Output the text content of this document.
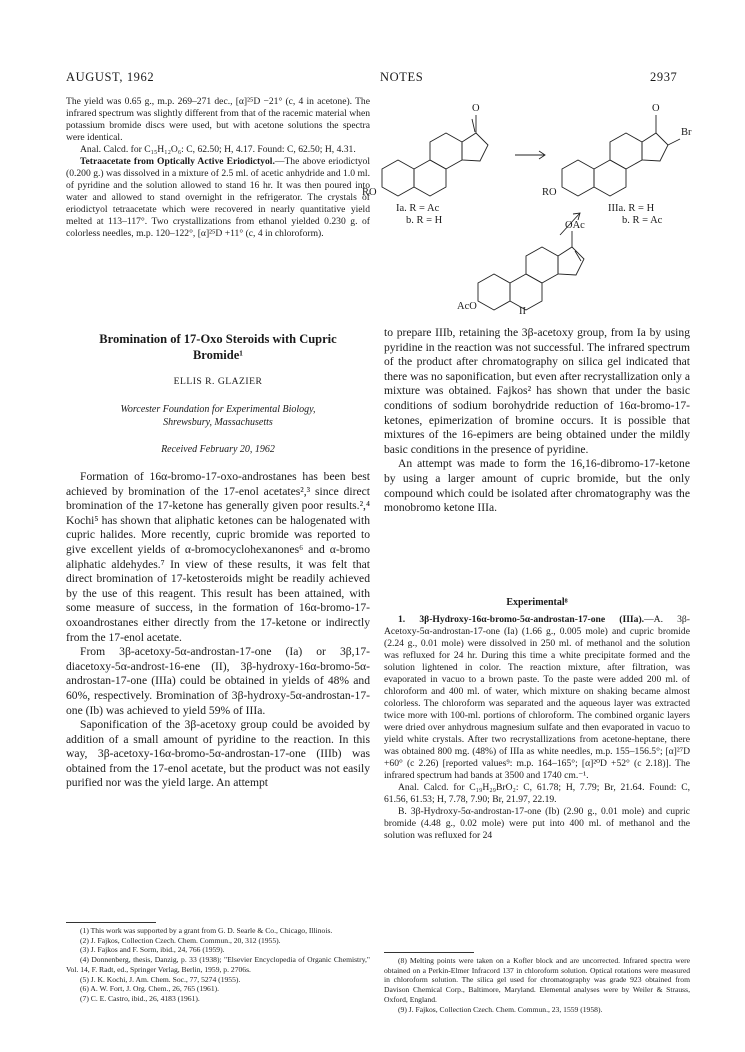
AUGUST, 1962	NOTES	2937

The yield was 0.65 g., m.p. 269–271 dec., [α]²⁵D −21° (c, 4 in acetone). The infrared spectrum was slightly different from that of the racemic material when potassium bromide discs were used, but with acetone solutions the spectra were identical.

Anal. Calcd. for C₁₅H₁₂O₆: C, 62.50; H, 4.17. Found: C, 62.50; H, 4.31.

Tetraacetate from Optically Active Eriodictyol.—The above eriodictyol (0.200 g.) was dissolved in a mixture of 2.5 ml. of acetic anhydride and 1.0 ml. of pyridine and the solution allowed to stand 16 hr. It was then poured into water and allowed to stand overnight in the refrigerator. The crystals of eriodictyol tetraacetate which were recovered in nearly quantitative yield melted at 113–117°. Two crystallizations from ethanol yielded 0.230 g. of colorless needles, m.p. 120–122°, [α]²⁵D +11° (c, 4 in chloroform).

O	O
Br
RO	RO
Ia. R = Ac
b. R = H
IIIa. R = H
b. R = Ac
OAc
AcO	II
Bromination of 17-Oxo Steroids with Cupric
Bromide¹
ELLIS R. GLAZIER
Worcester Foundation for Experimental Biology,
Shrewsbury, Massachusetts
Received February 20, 1962

Formation of 16α-bromo-17-oxo-androstanes has been best achieved by bromination of the 17-enol acetates²,³ since direct bromination of the 17-ketone has generally given poor results.²,⁴ Kochi⁵ has shown that aliphatic ketones can be halogenated with cupric halides. More recently, cupric bromide was reported to give excellent yields of α-bromocyclohexanones⁶ and α-bromo aliphatic aldehydes.⁷ In view of these results, it was felt that direct bromination of 17-ketosteroids might be readily achieved by the use of this reagent. This result has been attained, with some measure of success, in the formation of 16α-bromo-17-oxoandrostanes either directly from the 17-ketone or indirectly from the 17-enol acetate.

From 3β-acetoxy-5α-androstan-17-one (Ia) or 3β,17-diacetoxy-5α-androst-16-ene (II), 3β-hydroxy-16α-bromo-5α-androstan-17-one (IIIa) could be obtained in yields of 48% and 60%, respectively. Bromination of 3β-hydroxy-5α-androstan-17-one (Ib) was achieved to yield 59% of IIIa.

Saponification of the 3β-acetoxy group could be avoided by addition of a small amount of pyridine to the reaction. In this way, 3β-acetoxy-16α-bromo-5α-androstan-17-one (IIIb) was obtained from the 17-enol acetate, but the product was not easily purified nor was the yield large. An attempt

(1) This work was supported by a grant from G. D. Searle & Co., Chicago, Illinois.

(2) J. Fajkos, Collection Czech. Chem. Commun., 20, 312 (1955).

(3) J. Fajkos and F. Sorm, ibid., 24, 766 (1959).

(4) Donnenberg, thesis, Danzig, p. 33 (1938); "Elsevier Encyclopedia of Organic Chemistry," Vol. 14, F. Radt, ed., Springer Verlag, Berlin, 1959, p. 2706s.

(5) J. K. Kochi, J. Am. Chem. Soc., 77, 5274 (1955).

(6) A. W. Fort, J. Org. Chem., 26, 765 (1961).

(7) C. E. Castro, ibid., 26, 4183 (1961).

to prepare IIIb, retaining the 3β-acetoxy group, from Ia by using pyridine in the reaction was not successful. The infrared spectrum of the product after chromatography on silica gel indicated that there was no saponification, but even after recrystallization only a mixture was obtained. Fajkos² has shown that under the basic conditions of sodium borohydride reduction of 16α-bromo-17-ketones, epimerization of bromine occurs. It is possible that mixtures of the 16-epimers are being obtained under the mildly basic conditions in the presence of pyridine.

An attempt was made to form the 16,16-dibromo-17-ketone by using a larger amount of cupric bromide, but the only compound which could be isolated after chromatography was the monobromo ketone IIIa.

Experimental⁸

1. 3β-Hydroxy-16α-bromo-5α-androstan-17-one (IIIa).—A. 3β-Acetoxy-5α-androstan-17-one (Ia) (1.66 g., 0.005 mole) and cupric bromide (2.24 g., 0.01 mole) were dissolved in 250 ml. of methanol and the solution was refluxed for 24 hr. During this time a white precipitate formed and the solution lightened in color. The reaction mixture, after filtration, was evaporated in vacuo to a brown paste. To the paste were added 200 ml. of chloroform and 400 ml. of water, which mixture on shaking became almost colorless. The chloroform was separated and the aqueous layer was extracted twice more with 100-ml. portions of chloroform. The combined organic layers were dried over anhydrous magnesium sulfate and then evaporated in vacuo to yield white crystals. After two recrystallizations from acetone-heptane, there was obtained 800 mg. (48%) of IIIa as white needles, m.p. 155–156.5°; [α]²⁷D +60° (c 2.26) [reported values⁹: m.p. 164–165°; [α]²⁰D +52° (c 2.18)]. The infrared spectrum had bands at 3500 and 1740 cm.⁻¹.

Anal. Calcd. for C₁₉H₂₉BrO₂: C, 61.78; H, 7.79; Br, 21.64. Found: C, 61.56, 61.53; H, 7.78, 7.90; Br, 21.97, 22.19.

B. 3β-Hydroxy-5α-androstan-17-one (Ib) (2.90 g., 0.01 mole) and cupric bromide (4.48 g., 0.02 mole) were put into 400 ml. of methanol and the solution was refluxed for 24

(8) Melting points were taken on a Kofler block and are uncorrected. Infrared spectra were obtained on a Perkin-Elmer Infracord 137 in chloroform solution. Optical rotations were measured in chloroform solution. The silica gel used for chromatography was grade 923 obtained from Davison Chemical Corp., Baltimore, Maryland. Elemental analyses were by Weiler & Strauss, Oxford, England.

(9) J. Fajkos, Collection Czech. Chem. Commun., 23, 1559 (1958).
